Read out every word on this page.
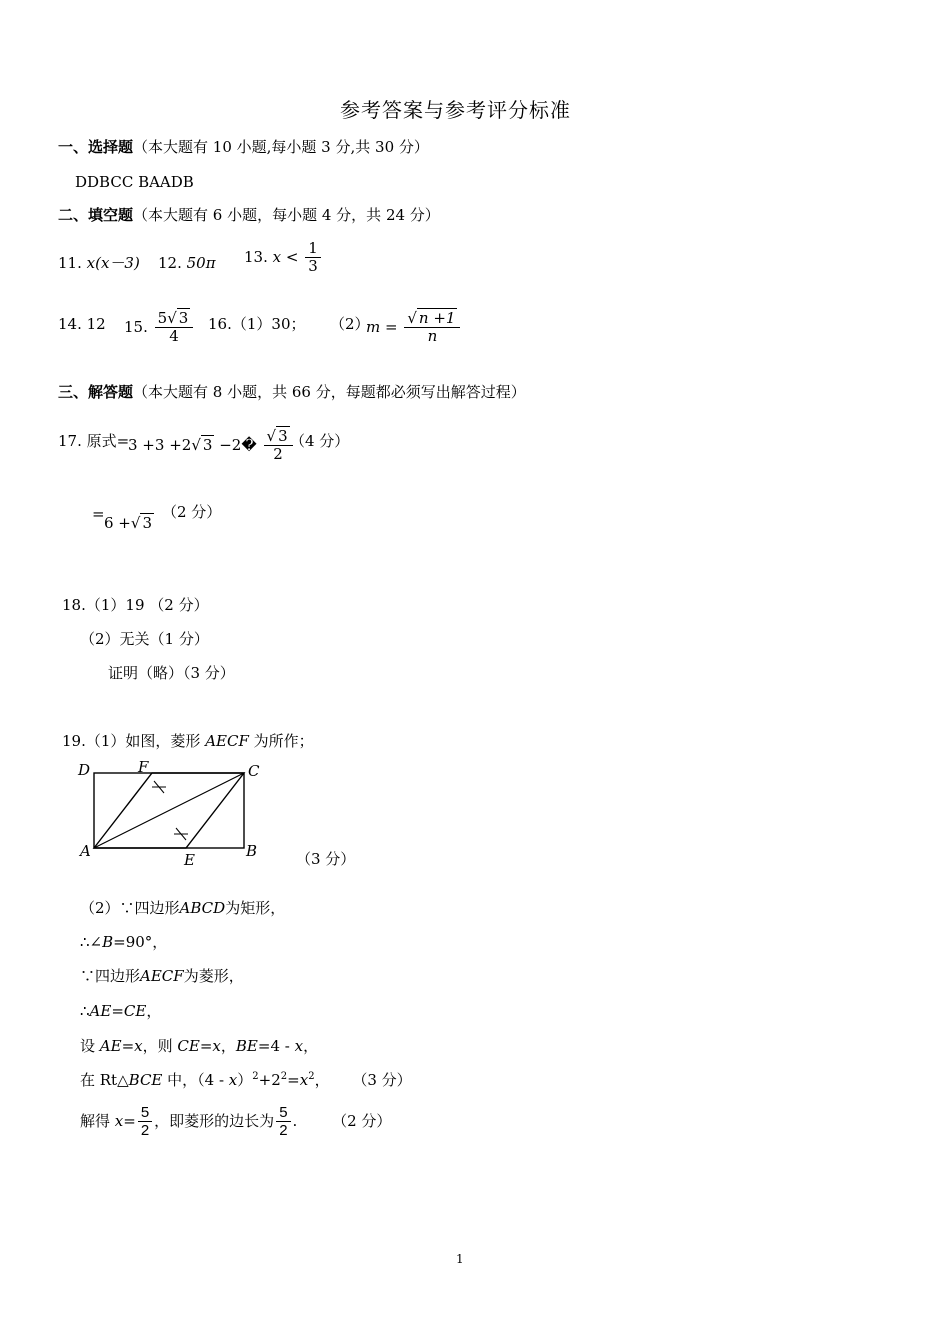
参考答案与参考评分标准
一、选择题（本大题有 10 小题,每小题 3 分,共 30 分）
DDBCC BAADB
二、填空题（本大题有 6 小题，每小题 4 分，共 24 分）
11. x(x－3) 12. 50π 13. $x < \frac{1}{3}$
14. 12 15. $\frac{5√ 3}{4} 16.(1)30$； （2）
$m = \frac{√ n +1}{n}$
三、解答题（本大题有 8 小题，共 66 分，每题都必须写出解答过程）
17. 原式=
3 +3 +2√ 3 −2� $\frac{√ 3}{2}$
（4 分）
= 6 +√ 3
（2 分）
18.（1）19 （2 分）
（2）无关（1 分）
证明（略）（3 分）
19.（1）如图，菱形 AECF 为所作；
D	F	C
A	E	B	（3 分）
（2）∵四边形ABCD为矩形，
∴∠B=90°，
∵四边形AECF为菱形，
∴AE=CE，
设 AE=x，则 CE=x，BE=4 - x，
在 Rt△BCE 中，$(4 - x)^2+2^2=x^2$， （3 分）
解得 $x= \frac{5}{2}$ ，即菱形的边长为 $\frac{5}{2}$ . （2 分）
1
